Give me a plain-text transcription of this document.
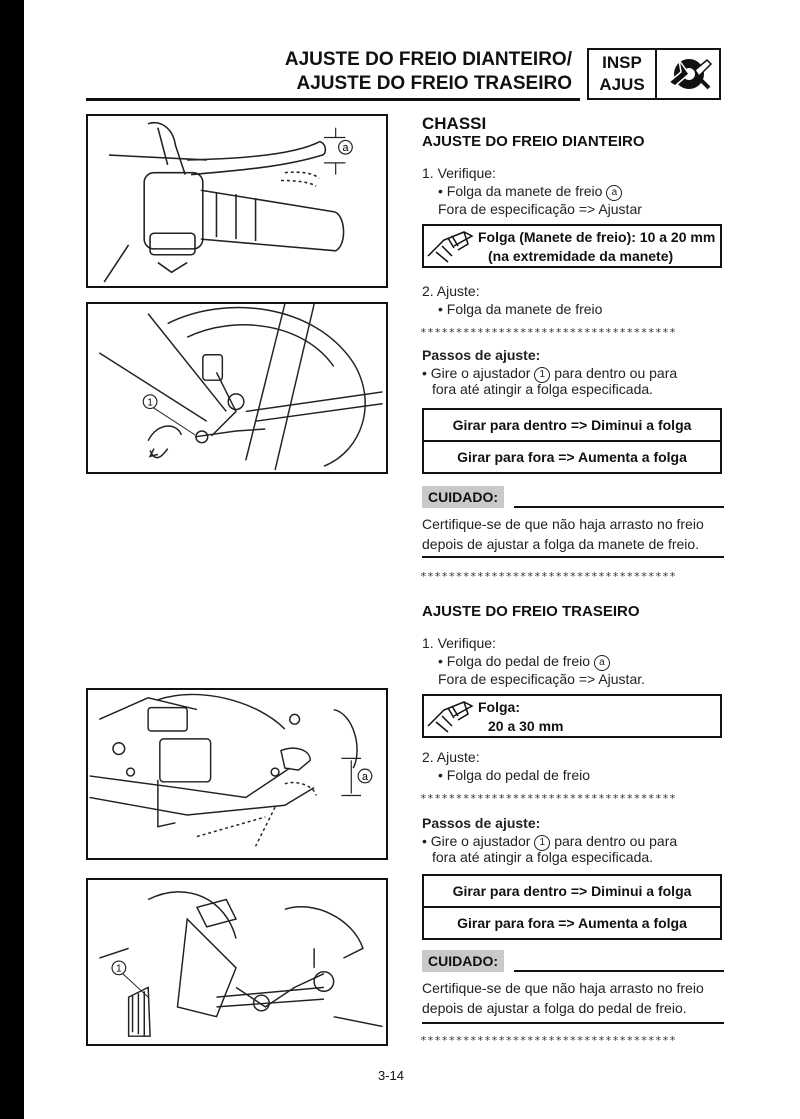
AJUSTE DO FREIO DIANTEIRO/
AJUSTE DO FREIO TRASEIRO
INSP
AJUS
a
1
a
1
CHASSI
AJUSTE DO FREIO DIANTEIRO
1. Verifique:
• Folga da manete de freio a
Fora de especificação => Ajustar
Folga (Manete de freio): 10 a 20 mm
(na extremidade da manete)
2. Ajuste:
• Folga da manete de freio
************************************
Passos de ajuste:
• Gire o ajustador 1 para dentro ou para
fora até atingir a folga especificada.
Girar para dentro => Diminui a folga
Girar para fora => Aumenta a folga
CUIDADO:
Certifique-se de que não haja arrasto no freio
depois de ajustar a folga da manete de freio.
************************************
AJUSTE DO FREIO TRASEIRO
1. Verifique:
• Folga do pedal de freio a
Fora de especificação => Ajustar.
Folga:
20 a 30 mm
2. Ajuste:
• Folga do pedal de freio
************************************
Passos de ajuste:
• Gire o ajustador 1 para dentro ou para
fora até atingir a folga especificada.
Girar para dentro => Diminui a folga
Girar para fora => Aumenta a folga
CUIDADO:
Certifique-se de que não haja arrasto no freio
depois de ajustar a folga do pedal de freio.
************************************
3-14
